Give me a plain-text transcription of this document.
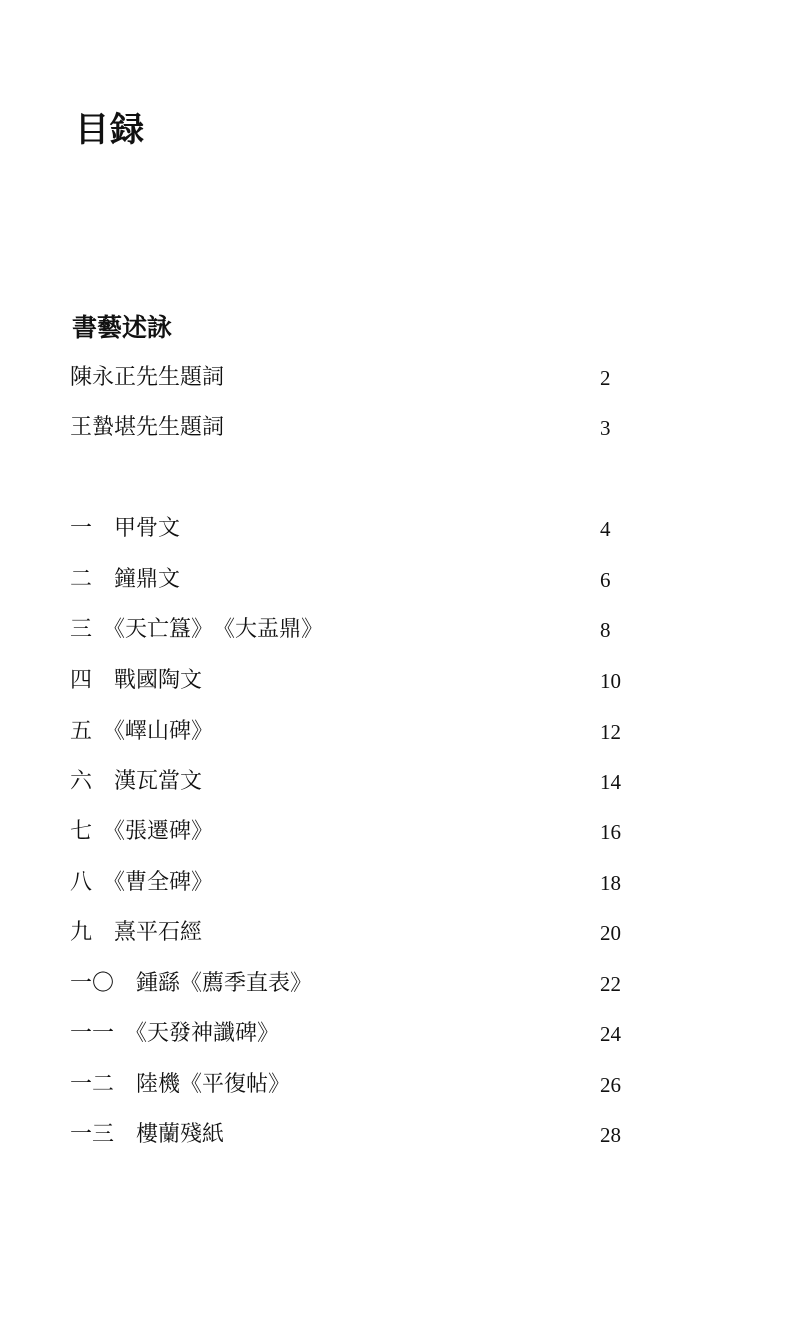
目録
書藝述詠
陳永正先生題詞	2
王蟄堪先生題詞	3
一　甲骨文	4
二　鐘鼎文	6
三　《天亡簋》　《大盂鼎》	8
四　戰國陶文	10
五　《嶧山碑》	12
六　漢瓦當文	14
七　《張遷碑》	16
八　《曹全碑》	18
九　熹平石經	20
一〇　鍾繇《薦季直表》	22
一一　《天發神讖碑》	24
一二　陸機《平復帖》	26
一三　樓蘭殘紙	28
